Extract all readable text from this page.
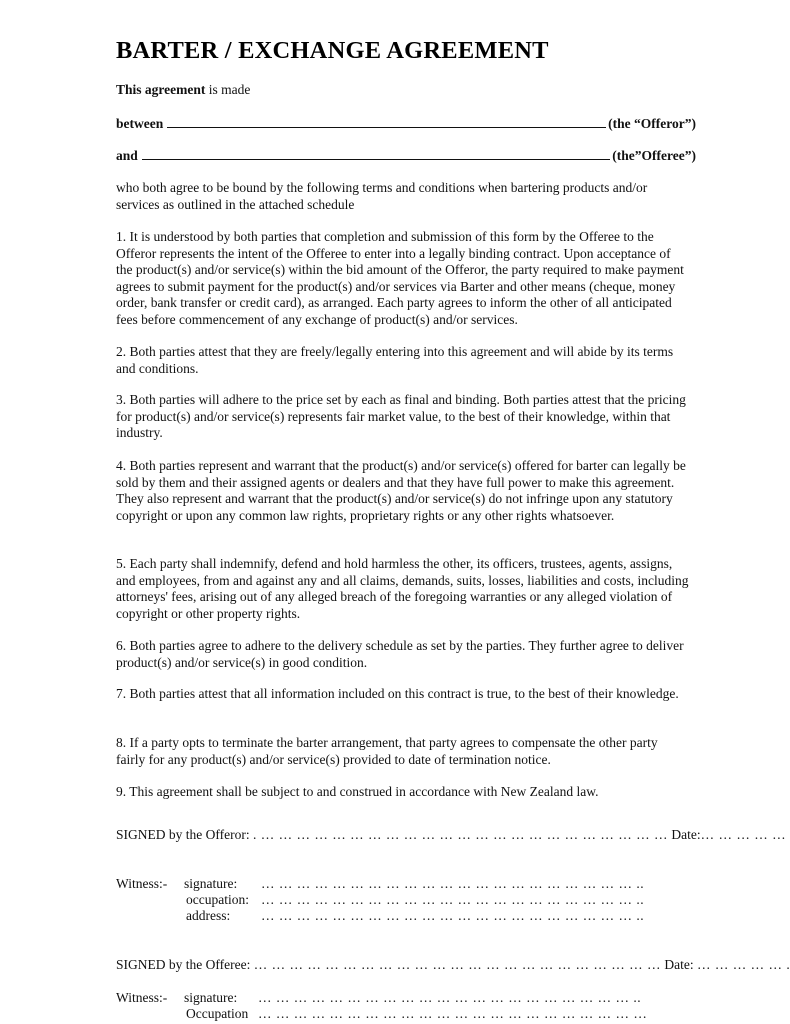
BARTER / EXCHANGE AGREEMENT

This agreement is made

between	(the “Offeror”)
and	(the”Offeree”)

who both agree to be bound by the following terms and conditions when bartering products and/or services as outlined in the attached schedule

1. It is understood by both parties that completion and submission of this form by the Offeree to the Offeror represents the intent of the Offeree to enter into a legally binding contract. Upon acceptance of the product(s) and/or service(s) within the bid amount of the Offeror, the party required to make payment agrees to submit payment for the product(s) and/or services via Barter and other means (cheque, money order, bank transfer or credit card), as arranged. Each party agrees to inform the other of all anticipated fees before commencement of any exchange of product(s) and/or services.

2. Both parties attest that they are freely/legally entering into this agreement and will abide by its terms and conditions.

3. Both parties will adhere to the price set by each as final and binding. Both parties attest that the pricing for product(s) and/or service(s) represents fair market value, to the best of their knowledge, within that industry.

4. Both parties represent and warrant that the product(s) and/or service(s) offered for barter can legally be sold by them and their assigned agents or dealers and that they have full power to make this agreement. They also represent and warrant that the product(s) and/or service(s) do not infringe upon any statutory copyright or upon any common law rights, proprietary rights or any other rights whatsoever.

5. Each party shall indemnify, defend and hold harmless the other, its officers, trustees, agents, assigns, and employees, from and against any and all claims, demands, suits, losses, liabilities and costs, including attorneys' fees, arising out of any alleged breach of the foregoing warranties or any alleged violation of copyright or other property rights.

6. Both parties agree to adhere to the delivery schedule as set by the parties. They further agree to deliver product(s) and/or service(s) in good condition.

7. Both parties attest that all information included on this contract is true, to the best of their knowledge.

8. If a party opts to terminate the barter arrangement, that party agrees to compensate the other party fairly for any product(s) and/or service(s) provided to date of termination notice.

9. This agreement shall be subject to and construed in accordance with New Zealand law.

SIGNED by the Offeror: . … … … … … … … … … … … … … … … … … … … … … … … Date:… … … … …
Witness:- signature: … … … … … … … … … … … … … … … … … … … … … ..
occupation: … … … … … … … … … … … … … … … … … … … … … ..
address: … … … … … … … … … … … … … … … … … … … … … ..
SIGNED by the Offeree: … … … … … … … … … … … … … … … … … … … … … … … Date: … … … … … .
Witness:- signature: … … … … … … … … … … … … … … … … … … … … … ..
Occupation … … … … … … … … … … … … … … … … … … … … … …
